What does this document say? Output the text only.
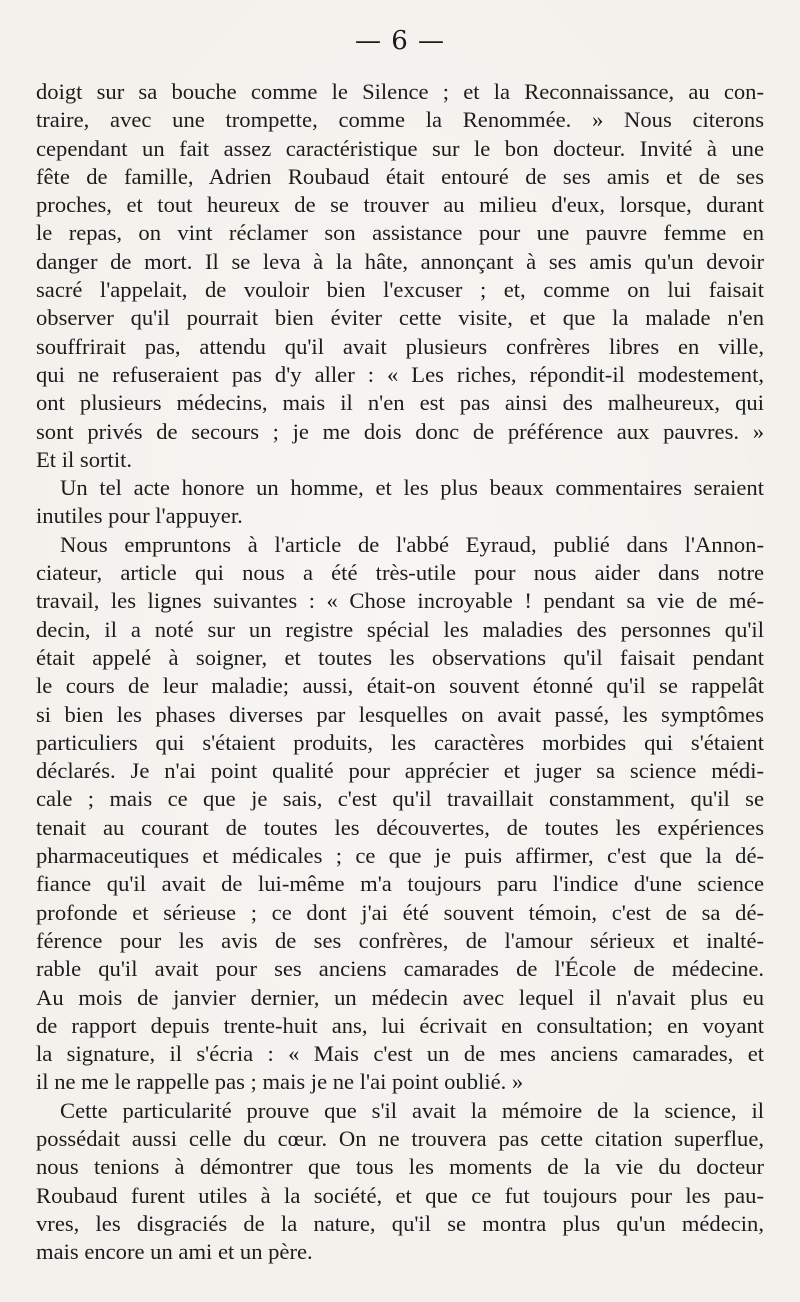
— 6 —
doigt sur sa bouche comme le Silence ; et la Reconnaissance, au con-
traire, avec une trompette, comme la Renommée. » Nous citerons
cependant un fait assez caractéristique sur le bon docteur. Invité à une
fête de famille, Adrien Roubaud était entouré de ses amis et de ses
proches, et tout heureux de se trouver au milieu d'eux, lorsque, durant
le repas, on vint réclamer son assistance pour une pauvre femme en
danger de mort. Il se leva à la hâte, annonçant à ses amis qu'un devoir
sacré l'appelait, de vouloir bien l'excuser ; et, comme on lui faisait
observer qu'il pourrait bien éviter cette visite, et que la malade n'en
souffrirait pas, attendu qu'il avait plusieurs confrères libres en ville,
qui ne refuseraient pas d'y aller : « Les riches, répondit-il modestement,
ont plusieurs médecins, mais il n'en est pas ainsi des malheureux, qui
sont privés de secours ; je me dois donc de préférence aux pauvres. »
Et il sortit.
Un tel acte honore un homme, et les plus beaux commentaires seraient
inutiles pour l'appuyer.
Nous empruntons à l'article de l'abbé Eyraud, publié dans l'Annon-
ciateur, article qui nous a été très-utile pour nous aider dans notre
travail, les lignes suivantes : « Chose incroyable ! pendant sa vie de mé-
decin, il a noté sur un registre spécial les maladies des personnes qu'il
était appelé à soigner, et toutes les observations qu'il faisait pendant
le cours de leur maladie; aussi, était-on souvent étonné qu'il se rappelât
si bien les phases diverses par lesquelles on avait passé, les symptômes
particuliers qui s'étaient produits, les caractères morbides qui s'étaient
déclarés. Je n'ai point qualité pour apprécier et juger sa science médi-
cale ; mais ce que je sais, c'est qu'il travaillait constamment, qu'il se
tenait au courant de toutes les découvertes, de toutes les expériences
pharmaceutiques et médicales ; ce que je puis affirmer, c'est que la dé-
fiance qu'il avait de lui-même m'a toujours paru l'indice d'une science
profonde et sérieuse ; ce dont j'ai été souvent témoin, c'est de sa dé-
férence pour les avis de ses confrères, de l'amour sérieux et inalté-
rable qu'il avait pour ses anciens camarades de l'École de médecine.
Au mois de janvier dernier, un médecin avec lequel il n'avait plus eu
de rapport depuis trente-huit ans, lui écrivait en consultation; en voyant
la signature, il s'écria : « Mais c'est un de mes anciens camarades, et
il ne me le rappelle pas ; mais je ne l'ai point oublié. »
Cette particularité prouve que s'il avait la mémoire de la science, il
possédait aussi celle du cœur. On ne trouvera pas cette citation superflue,
nous tenions à démontrer que tous les moments de la vie du docteur
Roubaud furent utiles à la société, et que ce fut toujours pour les pau-
vres, les disgraciés de la nature, qu'il se montra plus qu'un médecin,
mais encore un ami et un père.
